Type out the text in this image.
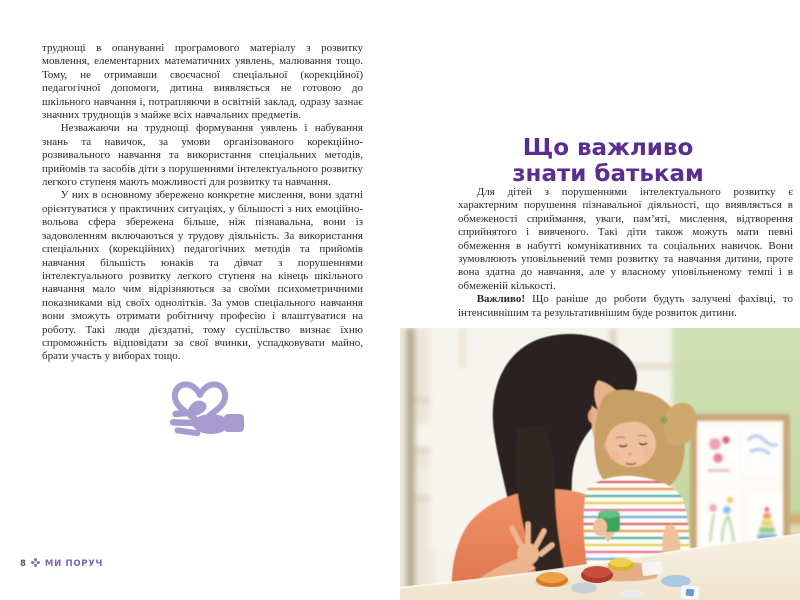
труднощі в опануванні програмового матеріалу з розвитку мовлення, елементарних математичних уявлень, малювання тощо. Тому, не отримавши своєчасної спеціальної (корекційної) педагогічної допомоги, дитина виявляється не готовою до шкільного навчання і, потрапляючи в освітній заклад, одразу зазнає значних труднощів з майже всіх навчальних предметів.

Незважаючи на труднощі формування уявлень і набування знань та навичок, за умови організованого корекційно-розвивального навчання та використання спеціальних методів, прийомів та засобів діти з порушеннями інтелектуального розвитку легкого ступеня мають можливості для розвитку та навчання.

У них в основному збережено конкретне мислення, вони здатні орієнтуватися у практичних ситуаціях, у більшості з них емоційно-вольова сфера збережена більше, ніж пізнавальна, вони із задоволенням включаються у трудову діяльність. За використання спеціальних (корекційних) педагогічних методів та прийомів навчання більшість юнаків та дівчат з порушеннями інтелектуального розвитку легкого ступеня на кінець шкільного навчання мало чим відрізняються за своїми психометричними показниками від своїх однолітків. За умов спеціального навчання вони зможуть отримати робітничу професію і влаштуватися на роботу. Такі люди дієздатні, тому суспільство визнає їхню спроможність відповідати за свої вчинки, успадковувати майно, брати участь у виборах тощо.

8 МИ ПОРУЧ
Що важливо
знати батькам

Для дітей з порушеннями інтелектуального розвитку є характерним порушення пізнавальної діяльності, що виявляється в обмеженості сприймання, уваги, пам’яті, мислення, відтворення сприйнятого і вивченого. Такі діти також можуть мати певні обмеження в набутті комунікативних та соціальних навичок. Вони зумовлюють уповільнений темп розвитку та навчання дитини, проте вона здатна до навчання, але у власному уповільненому темпі і в обмеженій кількості.

Важливо! Що раніше до роботи будуть залучені фахівці, то інтенсивнішим та результативнішим буде розвиток дитини.
